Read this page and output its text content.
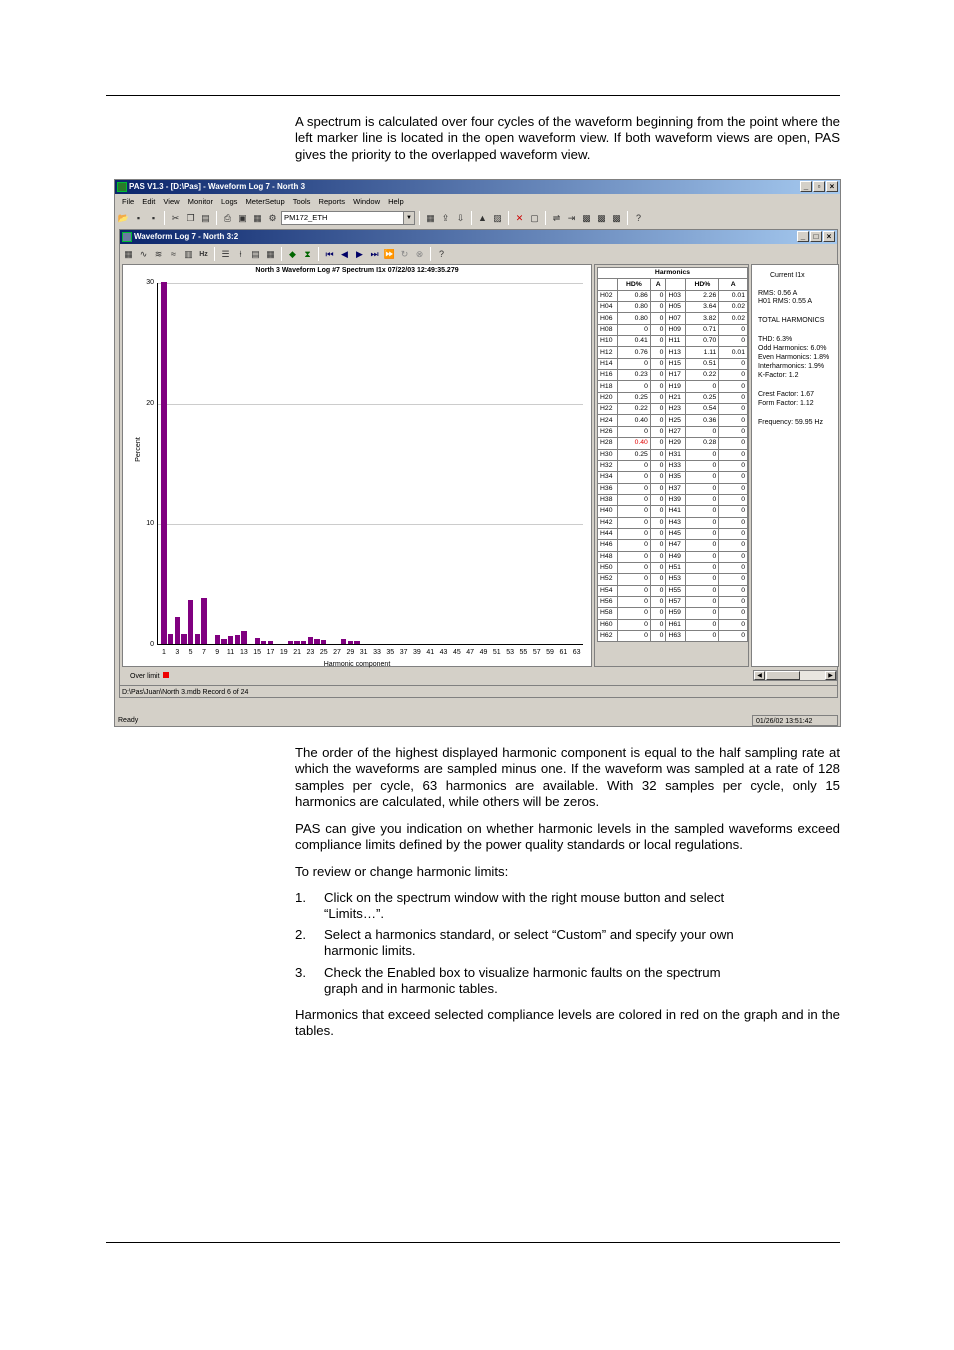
A spectrum is calculated over four cycles of the waveform beginning from the point where the left marker line is located in the open waveform view. If both waveform views are open, PAS gives the priority to the overlapped waveform view.

PAS V1.3 - [D:\Pas] - Waveform Log 7 - North 3	_	▫	×
File	Edit	View	Monitor	Logs	MeterSetup	Tools	Reports	Window	Help
📂 ▪	▪	✂ ❐ ▤	⎙ ▣ ▦ ⚙ PM172_ETH	▼ ▦ ⇪ ⇩	▲ ▨	✕ ▢	⇌ ⇥ ▩ ▩ ▩	?
Waveform Log 7 - North 3:2	_	□	×
▦ ∿ ≋ ≈ ▥ Hz ☰	⍿	▤ ▦	◆ ⧗	⏮ ◀ ▶ ⏭ ⏩ ↻ ⊗	?
North 3 Waveform Log #7 Spectrum I1x 07/22/03 12:49:35.279
Percent
0
10
20
30
1	3	5	7	9	11 13 15 17 19 21 23 25 27 29 31 33 35 37 39 41 43 45 47 49 51 53 55 57 59 61 63
Harmonic component
Harmonics					
	HD%	A		HD%	A
H02	0.86	0	H03	2.26	0.01
H04	0.80	0	H05	3.64	0.02
H06	0.80	0	H07	3.82	0.02
H08	0	0	H09	0.71	0
H10	0.41	0	H11	0.70	0
H12	0.76	0	H13	1.11	0.01
H14	0	0	H15	0.51	0
H16	0.23	0	H17	0.22	0
H18	0	0	H19	0	0
H20	0.25	0	H21	0.25	0
H22	0.22	0	H23	0.54	0
H24	0.40	0	H25	0.36	0
H26	0	0	H27	0	0
H28	0.40	0	H29	0.28	0
H30	0.25	0	H31	0	0
H32	0	0	H33	0	0
H34	0	0	H35	0	0
H36	0	0	H37	0	0
H38	0	0	H39	0	0
H40	0	0	H41	0	0
H42	0	0	H43	0	0
H44	0	0	H45	0	0
H46	0	0	H47	0	0
H48	0	0	H49	0	0
H50	0	0	H51	0	0
H52	0	0	H53	0	0
H54	0	0	H55	0	0
H56	0	0	H57	0	0
H58	0	0	H59	0	0
H60	0	0	H61	0	0
H62	0	0	H63	0	0
Current I1x
RMS: 0.56 A
H01 RMS: 0.55 A
TOTAL HARMONICS
THD: 6.3%
Odd Harmonics: 6.0%
Even Harmonics: 1.8%
Interharmonics: 1.9%
K-Factor: 1.2
Crest Factor: 1.67
Form Factor: 1.12
Frequency: 59.95 Hz
Over limit	◀	▶
D:\Pas\Juan\North 3.mdb Record 6 of 24
Ready	01/26/02 13:51:42

The order of the highest displayed harmonic component is equal to the half sampling rate at which the waveforms are sampled minus one. If the waveform was sampled at a rate of 128 samples per cycle, 63 harmonics are available. With 32 samples per cycle, only 15 harmonics are calculated, while others will be zeros.

PAS can give you indication on whether harmonic levels in the sampled waveforms exceed compliance limits defined by the power quality standards or local regulations.

To review or change harmonic limits:

1. Click on the spectrum window with the right mouse button and select “Limits…”.
2. Select a harmonics standard, or select “Custom” and specify your own harmonic limits.
3. Check the Enabled box to visualize harmonic faults on the spectrum graph and in harmonic tables.

Harmonics that exceed selected compliance levels are colored in red on the graph and in the tables.
